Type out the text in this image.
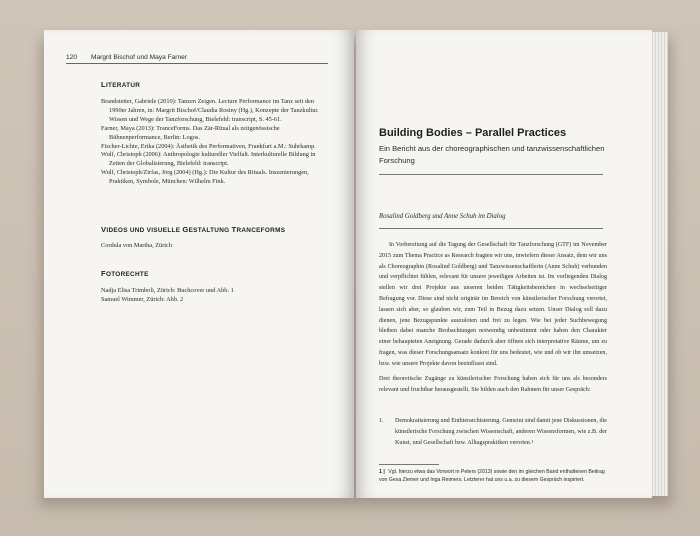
120 Margrit Bischof und Maya Farner
LITERATUR

Brandstetter, Gabriele (2010): Tanzen Zeigen. Lecture Performance im Tanz seit den 1990er Jahren, in: Margrit Bischof/Claudia Rosiny (Hg.), Konzepte der Tanzkultur. Wissen und Wege der Tanzforschung, Bielefeld: transcript, S. 45-61.

Farner, Maya (2013): TranceForms. Das Zär-Ritual als zeitgenössische Bühnenperformance, Berlin: Logos.

Fischer-Lichte, Erika (2004): Ästhetik des Performativen, Frankfurt a.M.: Suhrkamp.

Wulf, Christoph (2006): Anthropologie kultureller Vielfalt. Interkulturelle Bildung in Zeiten der Globalisierung, Bielefeld: transcript.

Wulf, Christoph/Zirfas, Jörg (2004) (Hg.): Die Kultur des Rituals. Inszenierungen, Praktiken, Symbole, München: Wilhelm Fink.

VIDEOS UND VISUELLE GESTALTUNG TRANCEFORMS

Cordula von Martha, Zürich

FOTORECHTE

Nadja Elisa Trimboli, Zürich: Buchcover und Abb. 1

Samuel Wimmer, Zürich: Abb. 2

Building Bodies – Parallel Practices
Ein Bericht aus der choreographischen und tanzwissenschaftlichen Forschung
Rosalind Goldberg und Anne Schuh im Dialog

In Vorbereitung auf die Tagung der Gesellschaft für Tanzforschung (GTF) im November 2015 zum Thema Practice as Research fragten wir uns, inwiefern dieser Ansatz, dem wir uns als Choreographin (Rosalind Goldberg) und Tanzwissenschaftlerin (Anne Schuh) verbunden und verpflichtet fühlen, relevant für unsere jeweiligen Arbeiten ist. Im vorliegenden Dialog stellen wir drei Projekte aus unseren beiden Tätigkeitsbereichen in wechselseitiger Befragung vor. Diese sind nicht originär im Bereich von künstlerischer Forschung verortet, lassen sich aber, so glauben wir, zum Teil in Bezug dazu setzen. Unser Dialog soll dazu dienen, jene Bezugspunkte auszuloten und frei zu legen. Wie bei jeder Suchbewegung bleiben dabei manche Beobachtungen notwendig unbestimmt oder haben den Charakter einer behaupteten Aneignung. Gerade dadurch aber öffnen sich interpretative Räume, um zu fragen, was dieser Forschungsansatz konkret für uns bedeutet, wie und ob wir ihn umsetzen, bzw. wie unsere Projekte davon beeinflusst sind.

Drei theoretische Zugänge zu künstlerischer Forschung haben sich für uns als besonders relevant und fruchtbar herausgestellt. Sie bilden auch den Rahmen für unser Gespräch:

1. Demokratisierung und Enthierarchisierung. Gemeint sind damit jene Diskussionen, die künstlerische Forschung zwischen Wissenschaft, anderen Wissensformen, wie z.B. der Kunst, und Gesellschaft bzw. Alltagspraktiken verorten.¹
1 | Vgl. hierzu etwa das Vorwort in Peters (2013) sowie den im gleichen Band enthaltenen Beitrag von Gesa Ziemer und Inga Reimers. Letzterer hat uns u.a. zu diesem Gespräch inspiriert.
